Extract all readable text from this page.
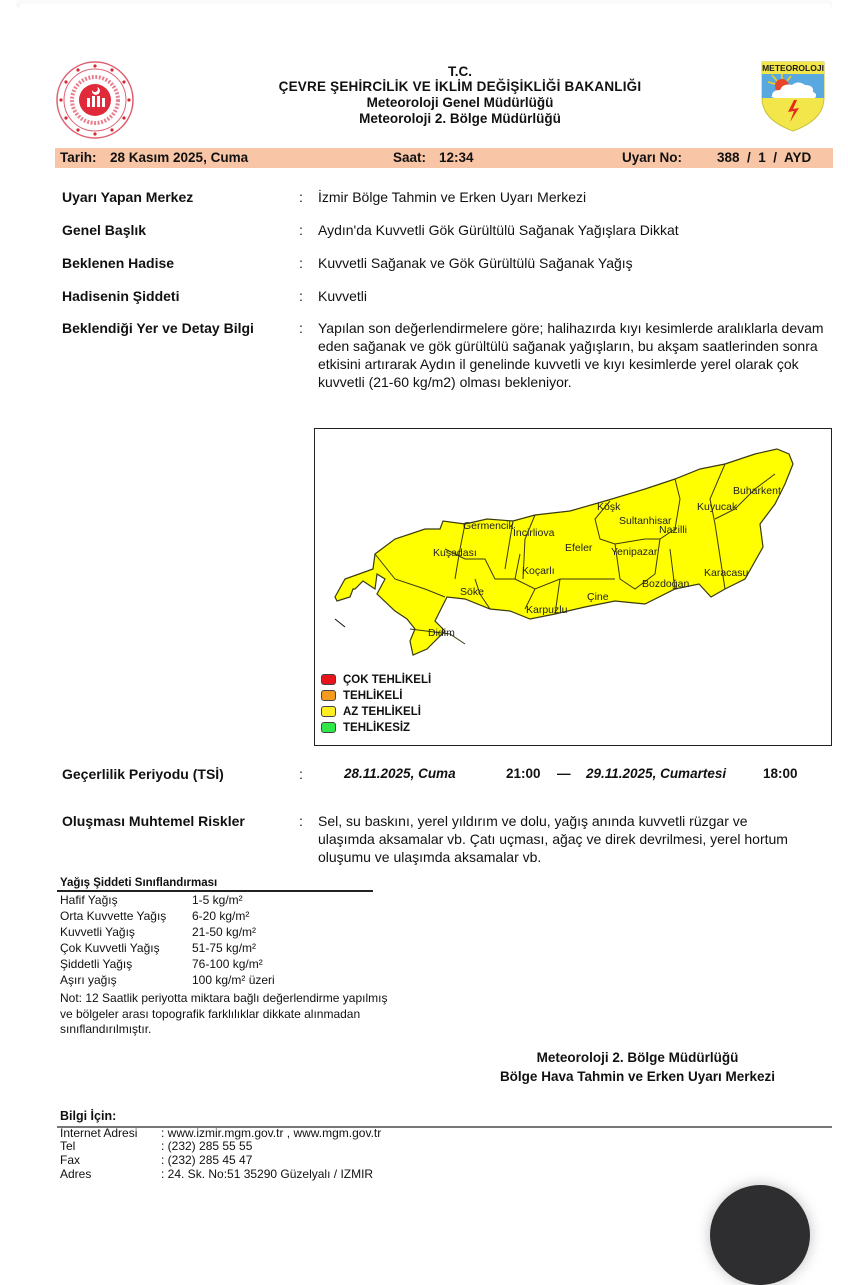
T.C.
ÇEVRE ŞEHİRCİLİK VE İKLİM DEĞİŞİKLİĞİ BAKANLIĞI
Meteoroloji Genel Müdürlüğü
Meteoroloji 2. Bölge Müdürlüğü
METEOROLOJI
Tarih: 28 Kasım 2025, Cuma	Saat: 12:34	Uyarı No:	388  /  1  /  AYD
Uyarı Yapan Merkez	: İzmir Bölge Tahmin ve Erken Uyarı Merkezi
Genel Başlık	: Aydın'da Kuvvetli Gök Gürültülü Sağanak Yağışlara Dikkat
Beklenen Hadise	: Kuvvetli Sağanak ve Gök Gürültülü Sağanak Yağış
Hadisenin Şiddeti	: Kuvvetli
Beklendiği Yer ve Detay Bilgi	: Yapılan son değerlendirmelere göre; halihazırda kıyı kesimlerde aralıklarla devam eden sağanak ve gök gürültülü sağanak yağışların, bu akşam saatlerinden sonra etkisini artırarak Aydın il genelinde kuvvetli ve kıyı kesimlerde yerel olarak çok kuvvetli (21-60 kg/m2) olması bekleniyor.
Buharkent
Kuyucak
Köşk
Sultanhisar
Nazilli
Germencik
İncirliova
Efeler Yenipazar
Kuşadası
Koçarlı	Karacasu
Söke
Bozdoğan
Çine
Karpuzlu
Didim
ÇOK TEHLİKELİ
TEHLİKELİ
AZ TEHLİKELİ
TEHLİKESİZ
Geçerlilik Periyodu (TSİ)	:	28.11.2025, Cuma	21:00 — 29.11.2025, Cumartesi	18:00
Oluşması Muhtemel Riskler	: Sel, su baskını, yerel yıldırım ve dolu, yağış anında kuvvetli rüzgar ve ulaşımda aksamalar vb. Çatı uçması, ağaç ve direk devrilmesi, yerel hortum oluşumu ve ulaşımda aksamalar vb.
Yağış Şiddeti Sınıflandırması
Hafif Yağış	1-5 kg/m²
Orta Kuvvette Yağış 6-20 kg/m²
Kuvvetli Yağış	21-50 kg/m²
Çok Kuvvetli Yağış	51-75 kg/m²
Şiddetli Yağış	76-100 kg/m²
Aşırı yağış	100 kg/m² üzeri
Not: 12 Saatlik periyotta miktara bağlı değerlendirme yapılmış ve bölgeler arası topografik farklılıklar dikkate alınmadan sınıflandırılmıştır.
Meteoroloji 2. Bölge Müdürlüğü
Bölge Hava Tahmin ve Erken Uyarı Merkezi
Bilgi İçin:
Internet Adresi : www.izmir.mgm.gov.tr , www.mgm.gov.tr
Tel	: (232) 285 55 55
Fax	: (232) 285 45 47
Adres	: 24. Sk. No:51 35290 Güzelyalı / IZMIR
